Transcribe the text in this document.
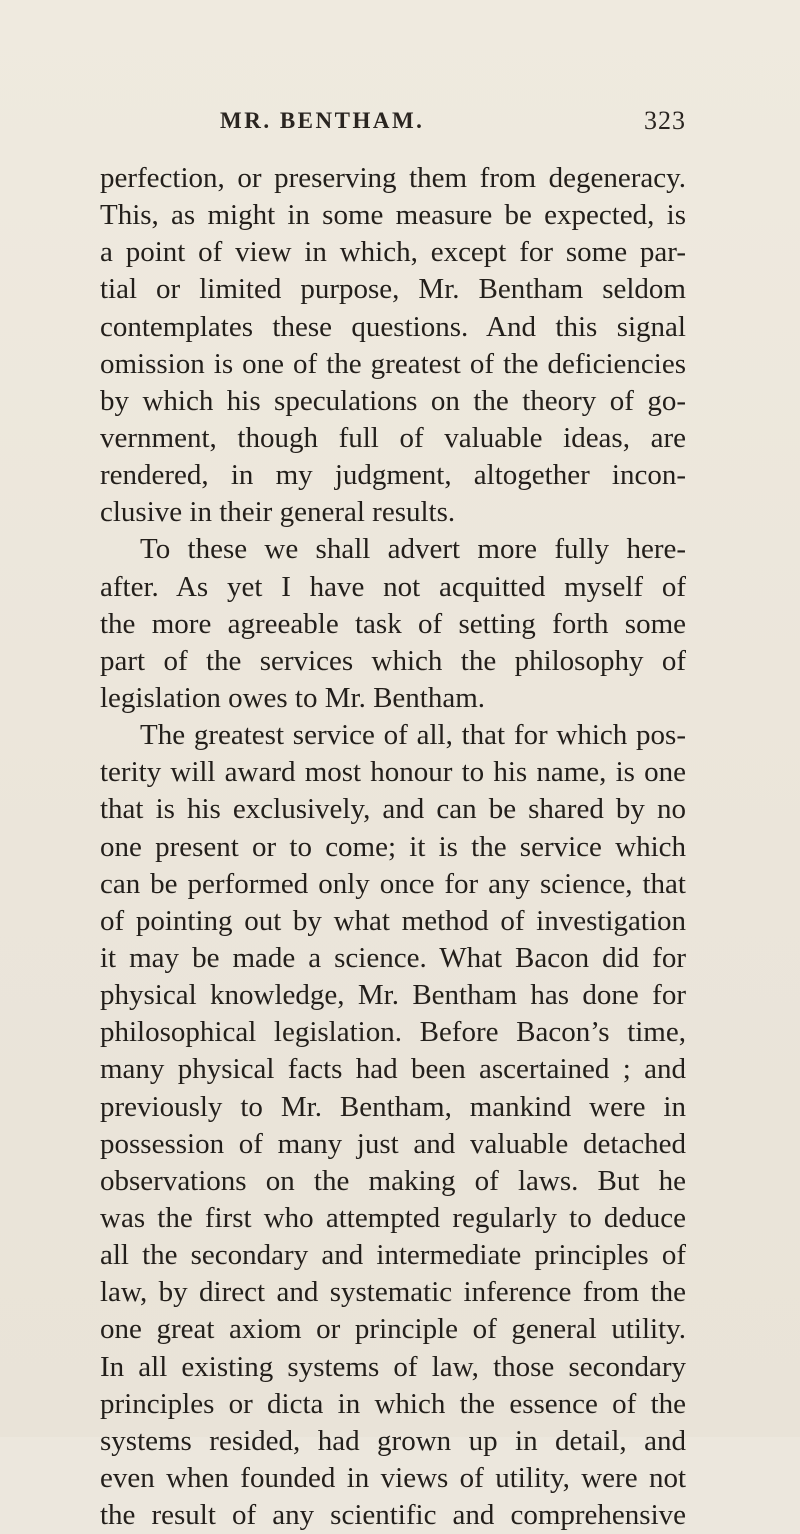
MR. BENTHAM.	323
perfection, or preserving them from degeneracy.
This, as might in some measure be expected, is
a point of view in which, except for some par-
tial or limited purpose, Mr. Bentham seldom
contemplates these questions. And this signal
omission is one of the greatest of the deficiencies
by which his speculations on the theory of go-
vernment, though full of valuable ideas, are
rendered, in my judgment, altogether incon-
clusive in their general results.
To these we shall advert more fully here-
after. As yet I have not acquitted myself of
the more agreeable task of setting forth some
part of the services which the philosophy of
legislation owes to Mr. Bentham.
The greatest service of all, that for which pos-
terity will award most honour to his name, is one
that is his exclusively, and can be shared by no
one present or to come; it is the service which
can be performed only once for any science, that
of pointing out by what method of investigation
it may be made a science. What Bacon did for
physical knowledge, Mr. Bentham has done for
philosophical legislation. Before Bacon’s time,
many physical facts had been ascertained ; and
previously to Mr. Bentham, mankind were in
possession of many just and valuable detached
observations on the making of laws. But he
was the first who attempted regularly to deduce
all the secondary and intermediate principles of
law, by direct and systematic inference from the
one great axiom or principle of general utility.
In all existing systems of law, those secondary
principles or dicta in which the essence of the
systems resided, had grown up in detail, and
even when founded in views of utility, were not
the result of any scientific and comprehensive
